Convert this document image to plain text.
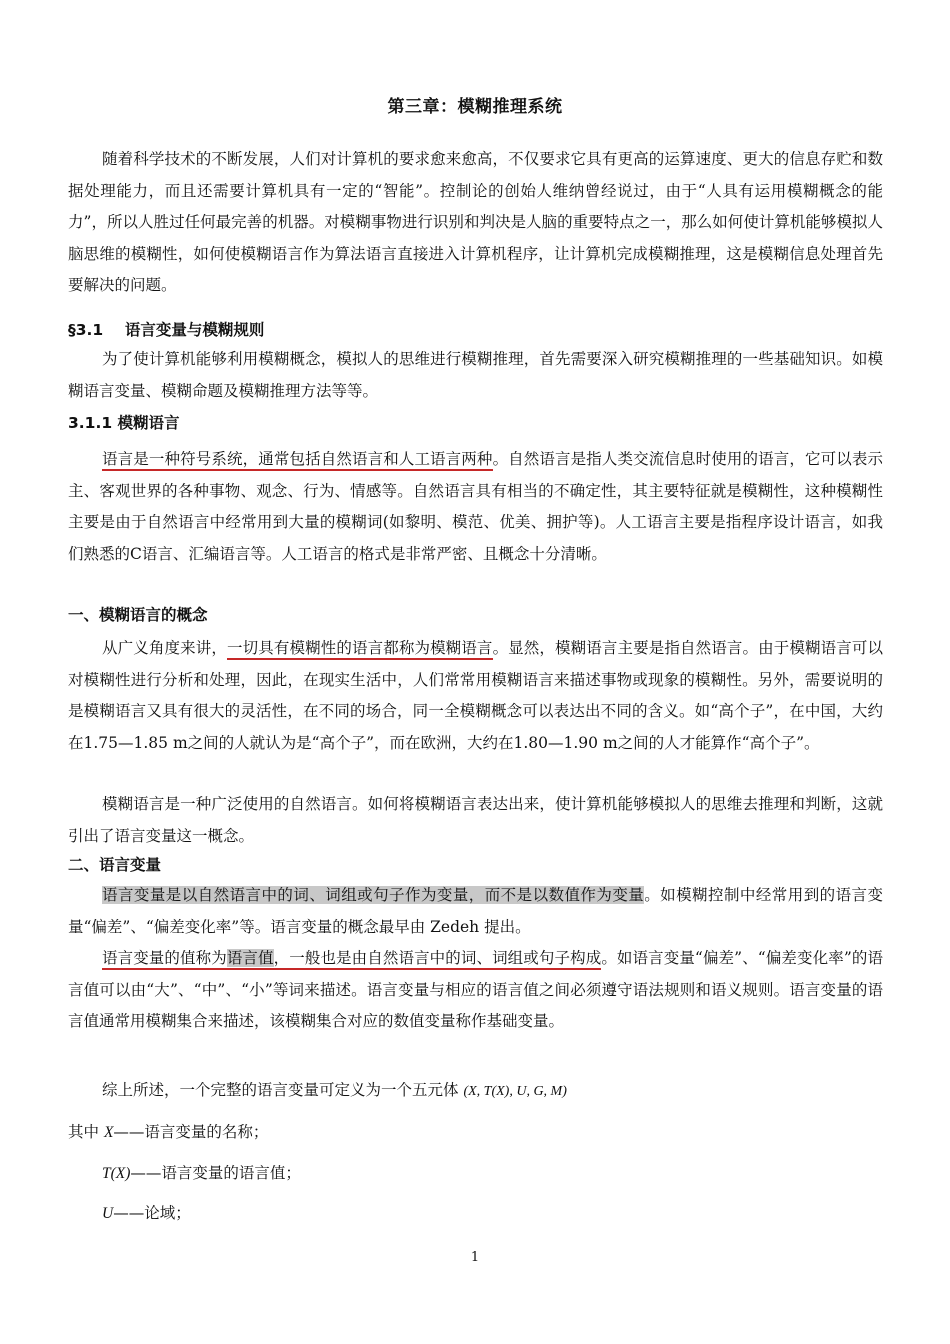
第三章：模糊推理系统
随着科学技术的不断发展，人们对计算机的要求愈来愈高，不仅要求它具有更高的运算速度、更大的信息存贮和数据处理能力，而且还需要计算机具有一定的“智能”。控制论的创始人维纳曾经说过，由于“人具有运用模糊概念的能力”，所以人胜过任何最完善的机器。对模糊事物进行识别和判决是人脑的重要特点之一，那么如何使计算机能够模拟人脑思维的模糊性，如何使模糊语言作为算法语言直接进入计算机程序，让计算机完成模糊推理，这是模糊信息处理首先要解决的问题。
§3.1 语言变量与模糊规则
为了使计算机能够利用模糊概念，模拟人的思维进行模糊推理，首先需要深入研究模糊推理的一些基础知识。如模糊语言变量、模糊命题及模糊推理方法等等。
3.1.1 模糊语言
语言是一种符号系统，通常包括自然语言和人工语言两种。自然语言是指人类交流信息时使用的语言，它可以表示主、客观世界的各种事物、观念、行为、情感等。自然语言具有相当的不确定性，其主要特征就是模糊性，这种模糊性主要是由于自然语言中经常用到大量的模糊词(如黎明、模范、优美、拥护等)。人工语言主要是指程序设计语言，如我们熟悉的C语言、汇编语言等。人工语言的格式是非常严密、且概念十分清晰。
一、模糊语言的概念
从广义角度来讲，一切具有模糊性的语言都称为模糊语言。显然，模糊语言主要是指自然语言。由于模糊语言可以对模糊性进行分析和处理，因此，在现实生活中，人们常常用模糊语言来描述事物或现象的模糊性。另外，需要说明的是模糊语言又具有很大的灵活性，在不同的场合，同一全模糊概念可以表达出不同的含义。如“高个子”，在中国，大约在1.75—1.85 m之间的人就认为是“高个子”，而在欧洲，大约在1.80—1.90 m之间的人才能算作“高个子”。
模糊语言是一种广泛使用的自然语言。如何将模糊语言表达出来，使计算机能够模拟人的思维去推理和判断，这就引出了语言变量这一概念。
二、语言变量
语言变量是以自然语言中的词、词组或句子作为变量，而不是以数值作为变量。如模糊控制中经常用到的语言变量“偏差”、“偏差变化率”等。语言变量的概念最早由 Zedeh 提出。
语言变量的值称为语言值，一般也是由自然语言中的词、词组或句子构成。如语言变量“偏差”、“偏差变化率”的语言值可以由“大”、“中”、“小”等词来描述。语言变量与相应的语言值之间必须遵守语法规则和语义规则。语言变量的语言值通常用模糊集合来描述，该模糊集合对应的数值变量称作基础变量。
综上所述，一个完整的语言变量可定义为一个五元体 (X, T(X), U, G, M)
其中 X——语言变量的名称；
T(X)——语言变量的语言值；
U——论域；
1
